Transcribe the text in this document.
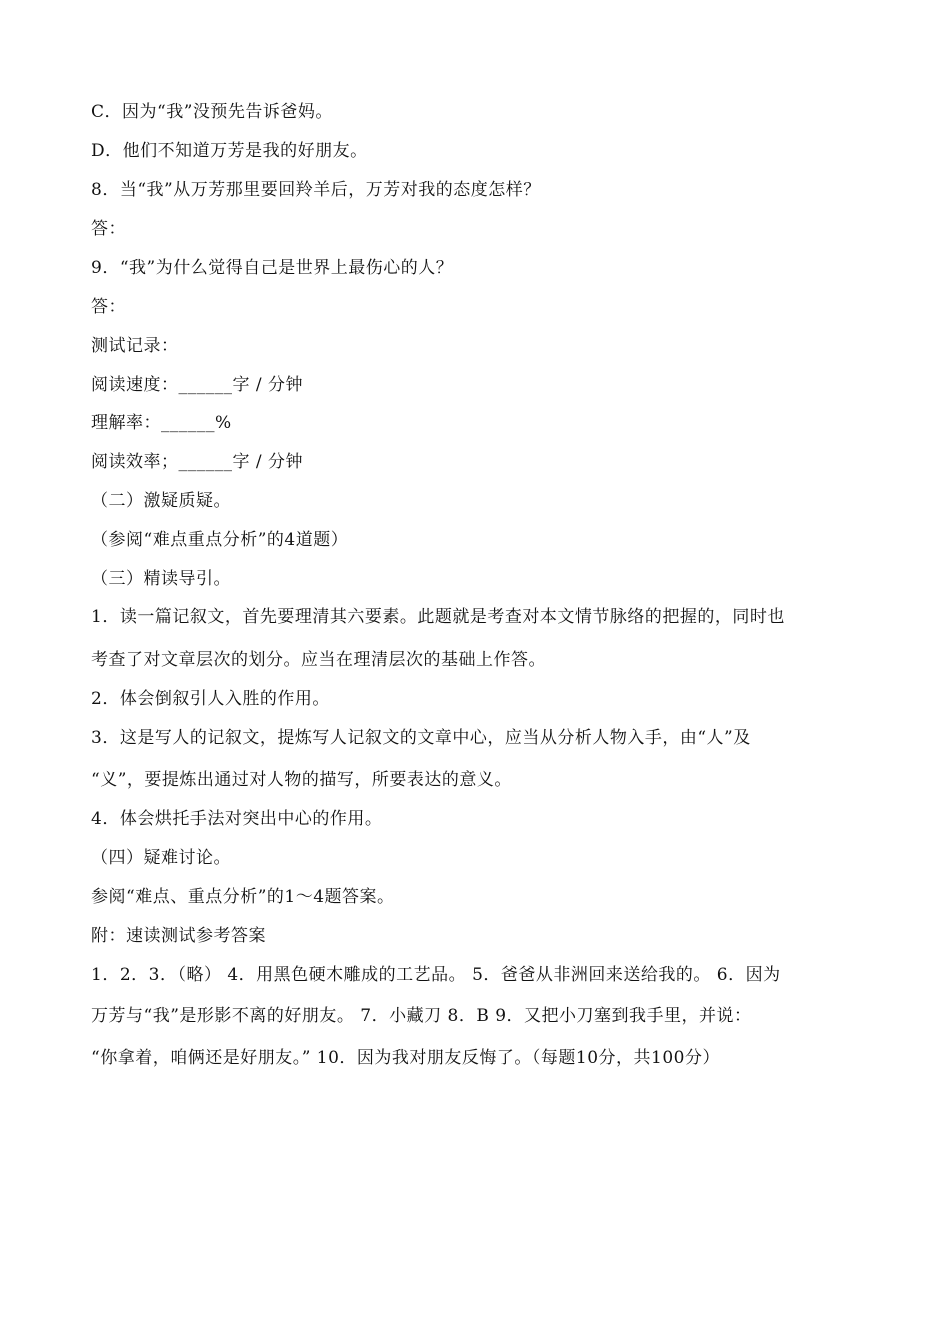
C．因为“我”没预先告诉爸妈。
D．他们不知道万芳是我的好朋友。
8．当“我”从万芳那里要回羚羊后，万芳对我的态度怎样？
答：
9．“我”为什么觉得自己是世界上最伤心的人？
答：
测试记录：
阅读速度：______字 / 分钟
理解率：______%
阅读效率；______字 / 分钟
（二）激疑质疑。
（参阅“难点重点分析”的4道题）
（三）精读导引。
1．读一篇记叙文，首先要理清其六要素。此题就是考查对本文情节脉络的把握的，同时也
考查了对文章层次的划分。应当在理清层次的基础上作答。
2．体会倒叙引人入胜的作用。
3．这是写人的记叙文，提炼写人记叙文的文章中心，应当从分析人物入手，由“人”及
“义”，要提炼出通过对人物的描写，所要表达的意义。
4．体会烘托手法对突出中心的作用。
（四）疑难讨论。
参阅“难点、重点分析”的1～4题答案。
附：速读测试参考答案
1．2．3．（略） 4．用黑色硬木雕成的工艺品。 5．爸爸从非洲回来送给我的。 6．因为
万芳与“我”是形影不离的好朋友。 7．小藏刀 8．B 9．又把小刀塞到我手里，并说：
“你拿着，咱俩还是好朋友。” 10．因为我对朋友反悔了。（每题10分，共100分）
